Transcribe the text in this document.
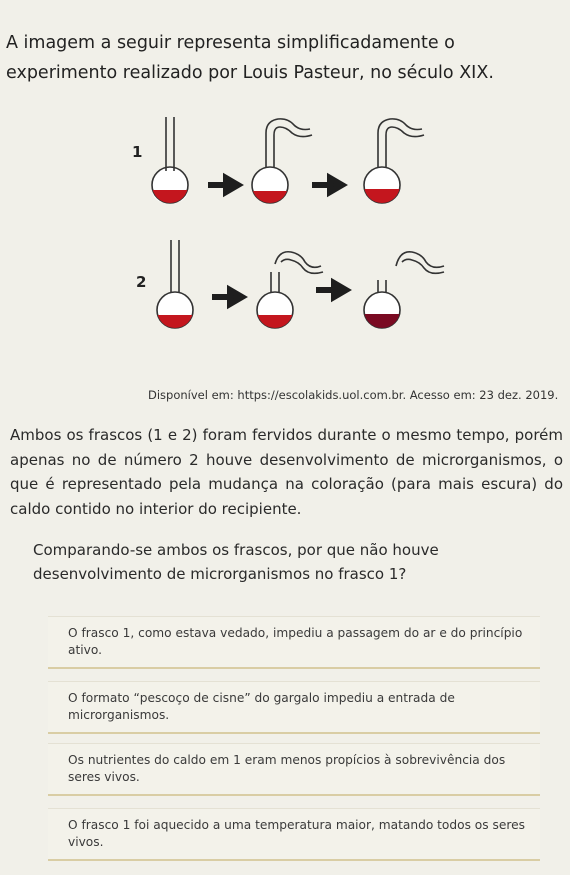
A imagem a seguir representa simplificadamente o experimento realizado por Louis Pasteur, no século XIX.
1
2
Disponível em: https://escolakids.uol.com.br. Acesso em: 23 dez. 2019.
Ambos os frascos (1 e 2) foram fervidos durante o mesmo tempo, porém apenas no de número 2 houve desenvolvimento de microrganismos, o que é representado pela mudança na coloração (para mais escura) do caldo contido no interior do recipiente.
Comparando-se ambos os frascos, por que não houve desenvolvimento de microrganismos no frasco 1?
O frasco 1, como estava vedado, impediu a passagem do ar e do princípio ativo.
O formato “pescoço de cisne” do gargalo impediu a entrada de microrganismos.
Os nutrientes do caldo em 1 eram menos propícios à sobrevivência dos seres vivos.
O frasco 1 foi aquecido a uma temperatura maior, matando todos os seres vivos.
